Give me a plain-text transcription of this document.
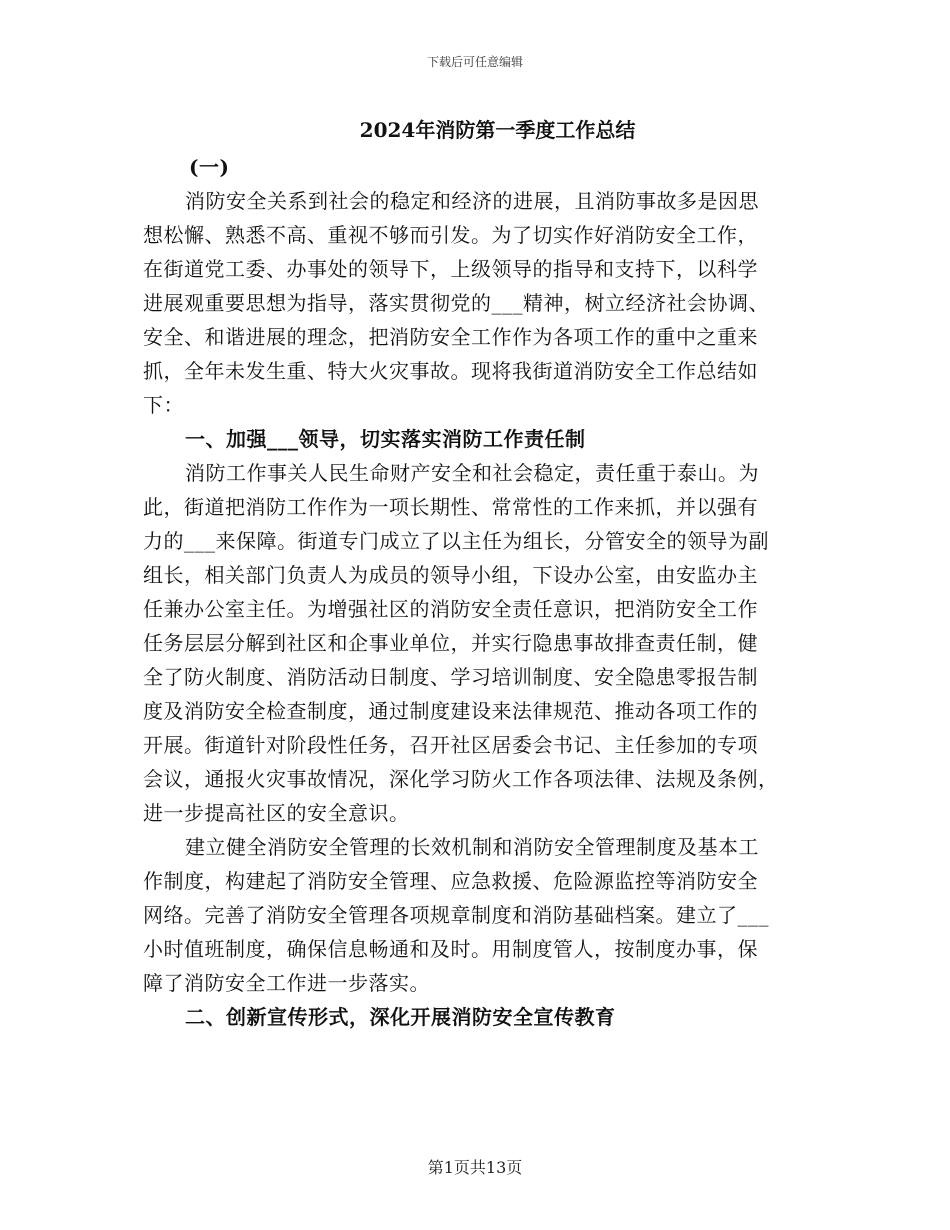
下载后可任意编辑
2024年消防第一季度工作总结
(一)
消防安全关系到社会的稳定和经济的进展，且消防事故多是因思
想松懈、熟悉不高、重视不够而引发。为了切实作好消防安全工作，
在街道党工委、办事处的领导下，上级领导的指导和支持下，以科学
进展观重要思想为指导，落实贯彻党的___精神，树立经济社会协调、
安全、和谐进展的理念，把消防安全工作作为各项工作的重中之重来
抓，全年未发生重、特大火灾事故。现将我街道消防安全工作总结如
下：
一、加强___领导，切实落实消防工作责任制
消防工作事关人民生命财产安全和社会稳定，责任重于泰山。为
此，街道把消防工作作为一项长期性、常常性的工作来抓，并以强有
力的___来保障。街道专门成立了以主任为组长，分管安全的领导为副
组长，相关部门负责人为成员的领导小组，下设办公室，由安监办主
任兼办公室主任。为增强社区的消防安全责任意识，把消防安全工作
任务层层分解到社区和企事业单位，并实行隐患事故排查责任制，健
全了防火制度、消防活动日制度、学习培训制度、安全隐患零报告制
度及消防安全检查制度，通过制度建设来法律规范、推动各项工作的
开展。街道针对阶段性任务，召开社区居委会书记、主任参加的专项
会议，通报火灾事故情况，深化学习防火工作各项法律、法规及条例，
进一步提高社区的安全意识。
建立健全消防安全管理的长效机制和消防安全管理制度及基本工
作制度，构建起了消防安全管理、应急救援、危险源监控等消防安全
网络。完善了消防安全管理各项规章制度和消防基础档案。建立了___
小时值班制度，确保信息畅通和及时。用制度管人，按制度办事，保
障了消防安全工作进一步落实。
二、创新宣传形式，深化开展消防安全宣传教育
第1页共13页
